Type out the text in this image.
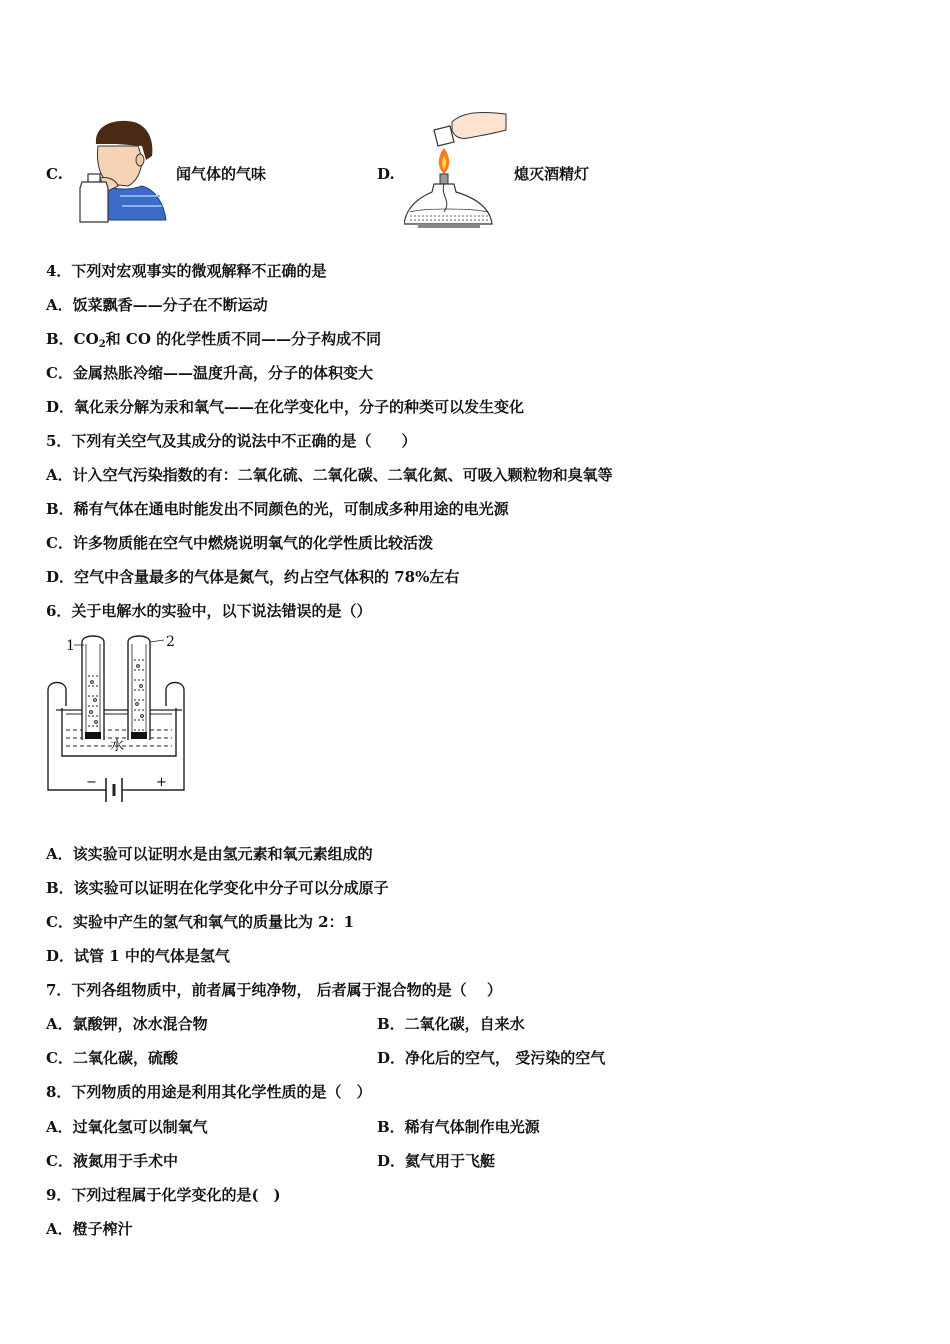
C.	闻气体的气味	D.	熄灭酒精灯
4．下列对宏观事实的微观解释不正确的是
A．饭菜飘香——分子在不断运动
B．$CO_2$和 CO 的化学性质不同——分子构成不同
C．金属热胀冷缩——温度升高，分子的体积变大
D．氧化汞分解为汞和氧气——在化学变化中，分子的种类可以发生变化
5．下列有关空气及其成分的说法中不正确的是（　　）
A．计入空气污染指数的有：二氧化硫、二氧化碳、二氧化氮、可吸入颗粒物和臭氧等
B．稀有气体在通电时能发出不同颜色的光，可制成多种用途的电光源
C．许多物质能在空气中燃烧说明氧气的化学性质比较活泼
D．空气中含量最多的气体是氮气，约占空气体积的 78%左右
6．关于电解水的实验中，以下说法错误的是（）
1	2
水
−	+
A．该实验可以证明水是由氢元素和氧元素组成的
B．该实验可以证明在化学变化中分子可以分成原子
C．实验中产生的氢气和氧气的质量比为 2：1
D．试管 1 中的气体是氢气
7．下列各组物质中，前者属于纯净物， 后者属于混合物的是（　 ）
A．氯酸钾，冰水混合物	B．二氧化碳，自来水
C．二氧化碳，硫酸	D．净化后的空气， 受污染的空气
8．下列物质的用途是利用其化学性质的是（　）
A．过氧化氢可以制氧气	B．稀有气体制作电光源
C．液氮用于手术中	D．氦气用于飞艇
9．下列过程属于化学变化的是(　)
A．橙子榨汁
